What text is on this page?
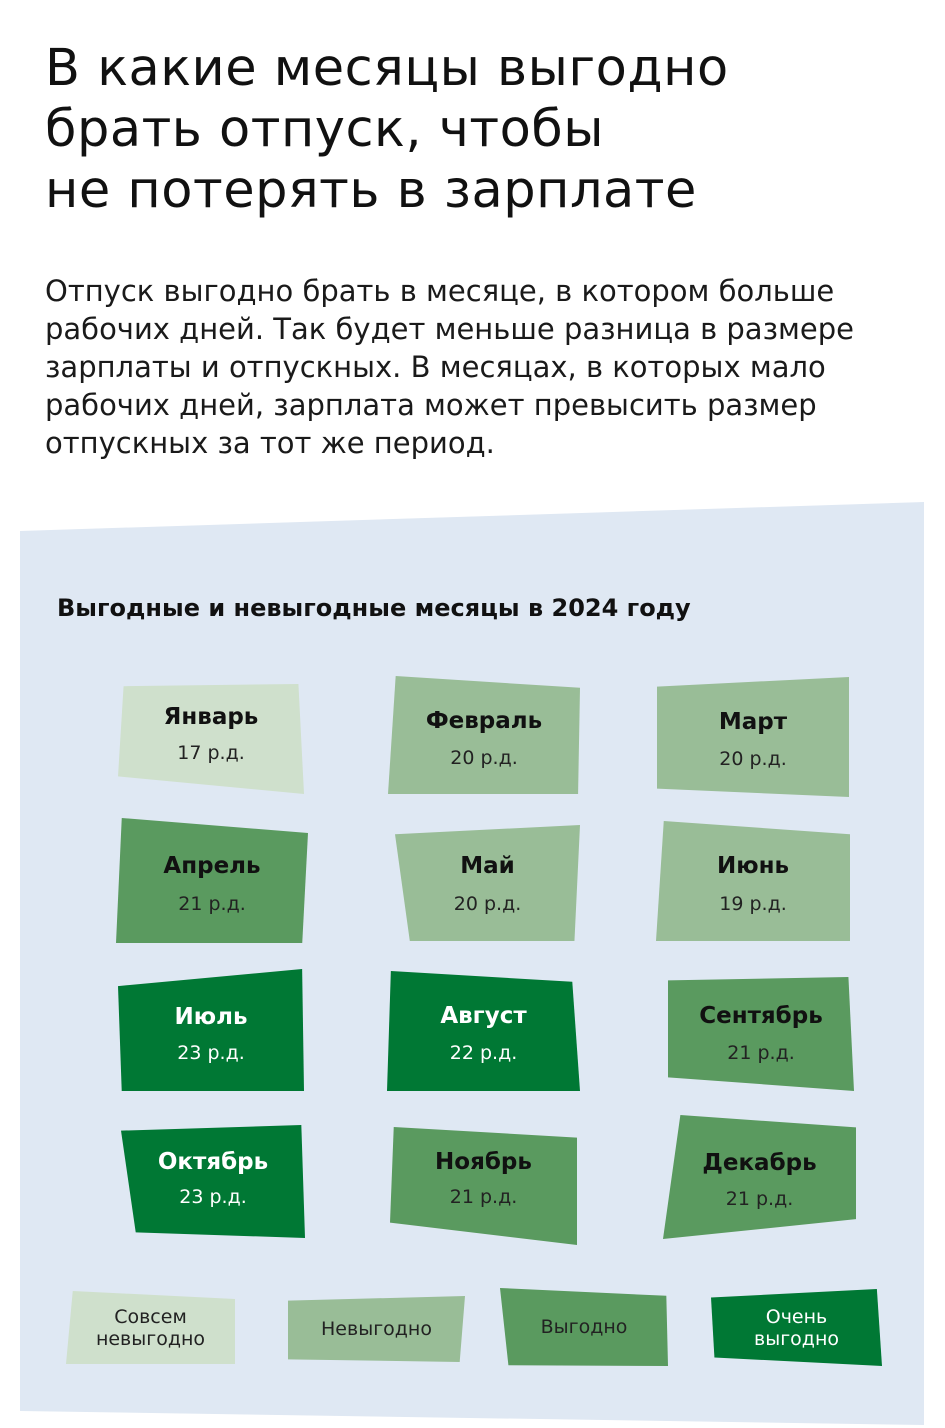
В какие месяцы выгодно
брать отпуск, чтобы
не потерять в зарплате

Отпуск выгодно брать в месяце, в котором больше
рабочих дней. Так будет меньше разница в размере
зарплаты и отпускных. В месяцах, в которых мало
рабочих дней, зарплата может превысить размер
отпускных за тот же период.

Выгодные и невыгодные месяцы в 2024 году
Январь
17 р.д.
Февраль
20 р.д.
Март
20 р.д.
Апрель
21 р.д.
Май
20 р.д.
Июнь
19 р.д.
Июль
23 р.д.
Август
22 р.д.
Сентябрь
21 р.д.
Октябрь
23 р.д.
Ноябрь
21 р.д.
Декабрь
21 р.д.
Совсем
невыгодно	Невыгодно	Выгодно	Очень
выгодно
